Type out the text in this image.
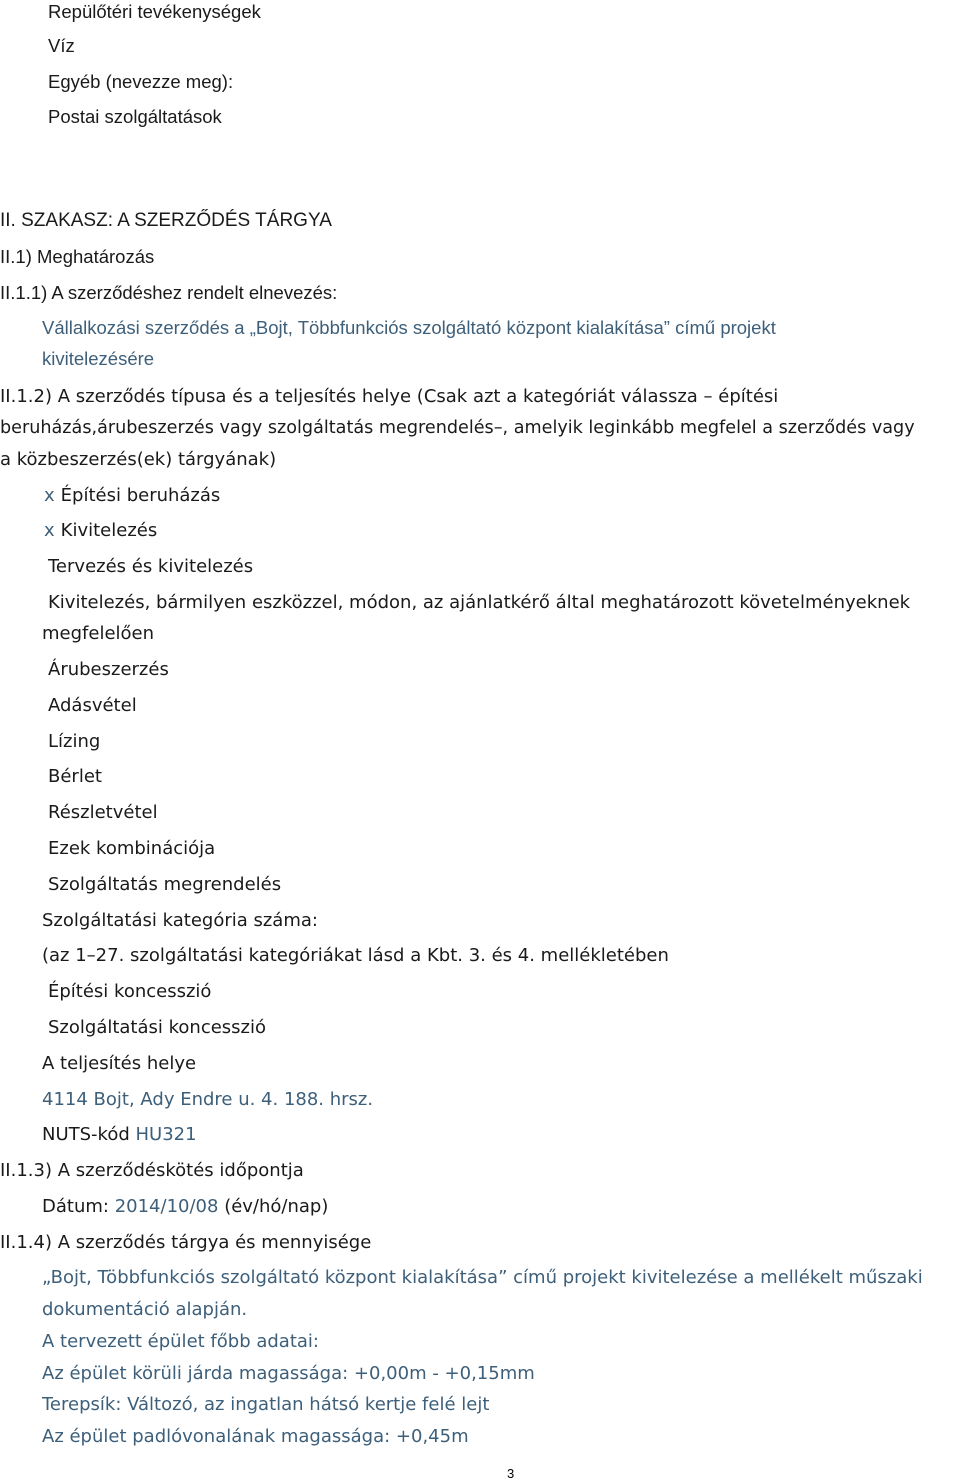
Repülőtéri tevékenységek
Víz
Egyéb (nevezze meg):
Postai szolgáltatások
II. SZAKASZ: A SZERZŐDÉS TÁRGYA
II.1) Meghatározás
II.1.1) A szerződéshez rendelt elnevezés:
Vállalkozási szerződés a „Bojt, Többfunkciós szolgáltató központ kialakítása” című projekt
kivitelezésére
II.1.2) A szerződés típusa és a teljesítés helye (Csak azt a kategóriát válassza – építési
beruházás,árubeszerzés vagy szolgáltatás megrendelés–, amelyik leginkább megfelel a szerződés vagy
a közbeszerzés(ek) tárgyának)
x Építési beruházás
x Kivitelezés
Tervezés és kivitelezés
Kivitelezés, bármilyen eszközzel, módon, az ajánlatkérő által meghatározott követelményeknek
megfelelően
Árubeszerzés
Adásvétel
Lízing
Bérlet
Részletvétel
Ezek kombinációja
Szolgáltatás megrendelés
Szolgáltatási kategória száma:
(az 1–27. szolgáltatási kategóriákat lásd a Kbt. 3. és 4. mellékletében
Építési koncesszió
Szolgáltatási koncesszió
A teljesítés helye
4114 Bojt, Ady Endre u. 4. 188. hrsz.
NUTS-kód HU321
II.1.3) A szerződéskötés időpontja
Dátum: 2014/10/08 (év/hó/nap)
II.1.4) A szerződés tárgya és mennyisége
„Bojt, Többfunkciós szolgáltató központ kialakítása” című projekt kivitelezése a mellékelt műszaki
dokumentáció alapján.
A tervezett épület főbb adatai:
Az épület körüli járda magassága: +0,00m - +0,15mm
Terepsík: Változó, az ingatlan hátsó kertje felé lejt
Az épület padlóvonalának magassága: +0,45m
3
